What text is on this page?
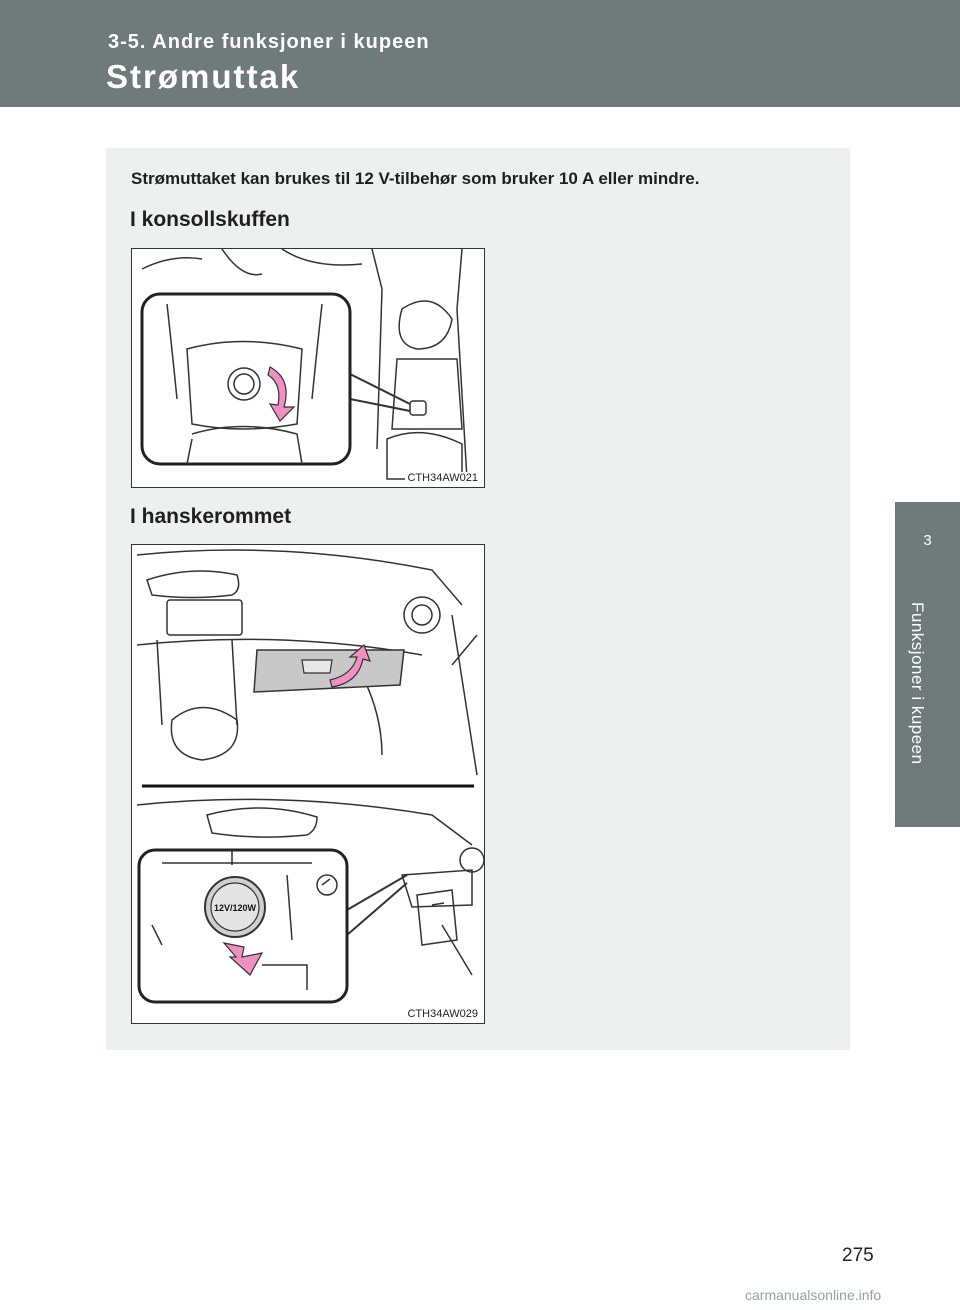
3-5. Andre funksjoner i kupeen
Strømuttak
3
Funksjoner i kupeen
Strømuttaket kan brukes til 12 V-tilbehør som bruker 10 A eller mindre.
I konsollskuffen
CTH34AW021
I hanskerommet
12V/120W
CTH34AW029
275
carmanualsonline.info
